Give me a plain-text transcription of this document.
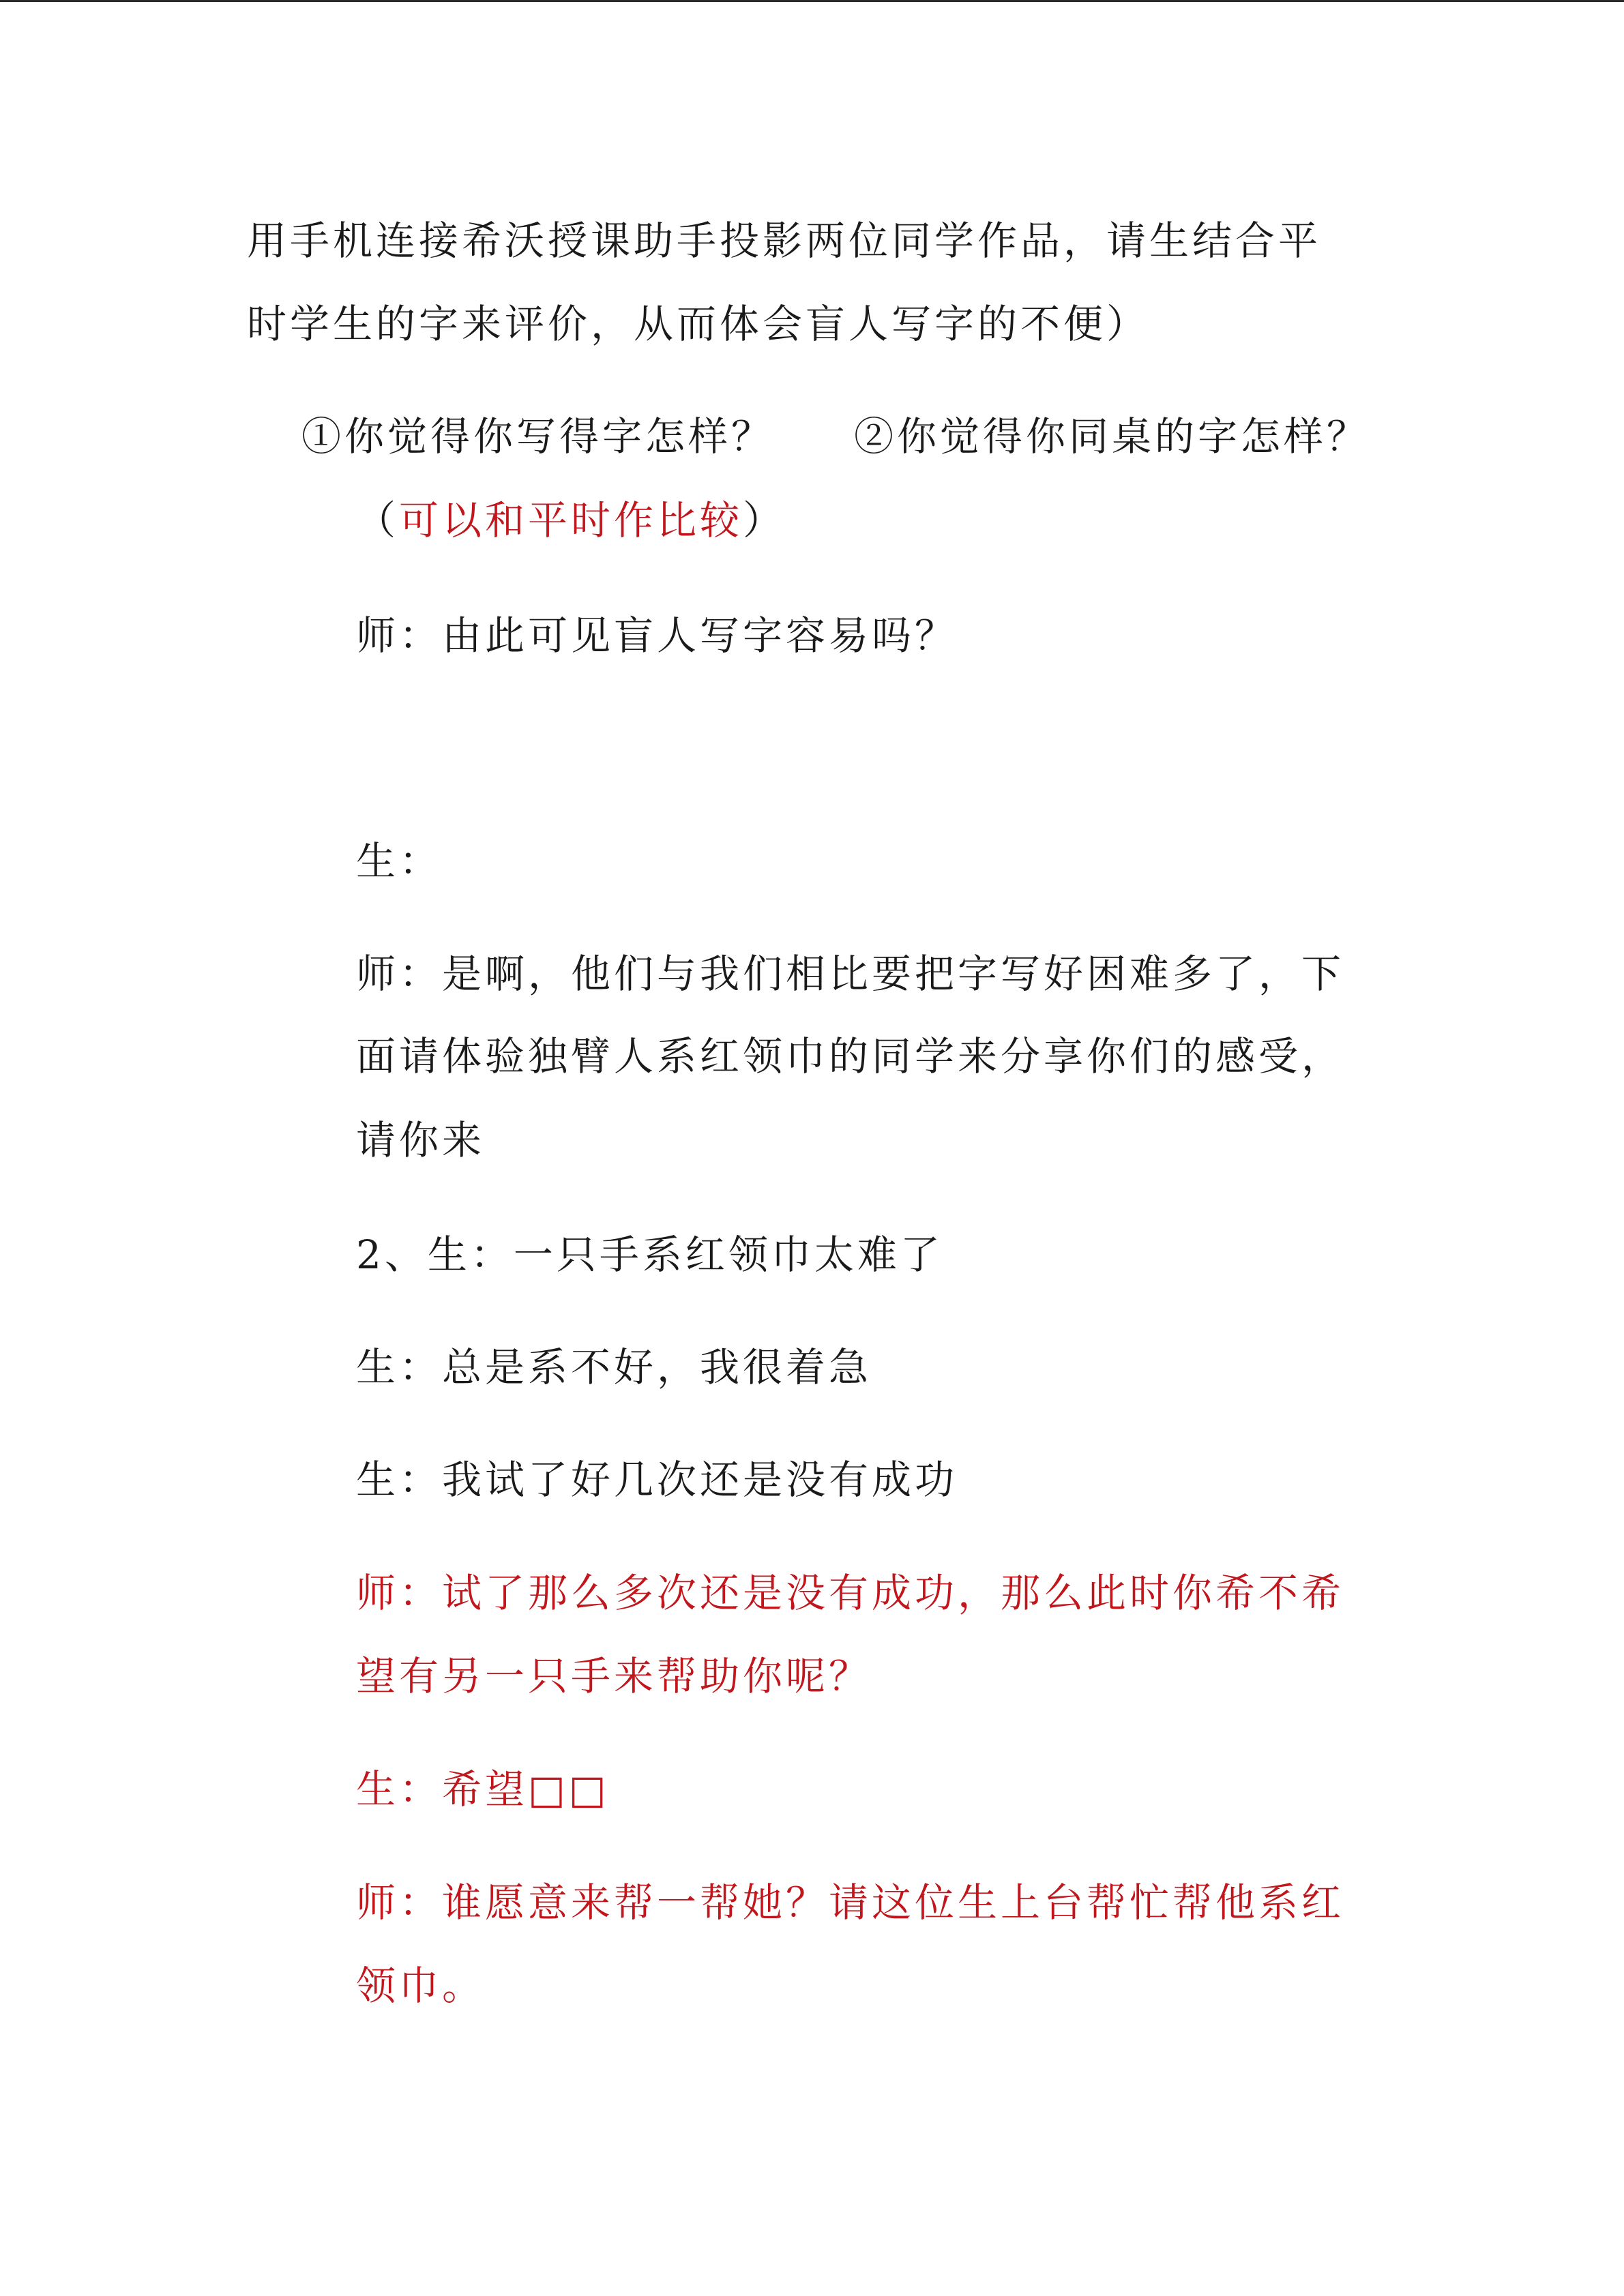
用手机连接希沃授课助手投影两位同学作品，请生结合平
时学生的字来评价，从而体会盲人写字的不便）
①你觉得你写得字怎样？ ②你觉得你同桌的字怎样？
（可以和平时作比较）
师：由此可见盲人写字容易吗？
生：
师：是啊，他们与我们相比要把字写好困难多了，下
面请体验独臂人系红领巾的同学来分享你们的感受，
请你来
2、生：一只手系红领巾太难了
生：总是系不好，我很着急
生：我试了好几次还是没有成功
师：试了那么多次还是没有成功，那么此时你希不希
望有另一只手来帮助你呢？
生：希望□□
师：谁愿意来帮一帮她？请这位生上台帮忙帮他系红
领巾。
